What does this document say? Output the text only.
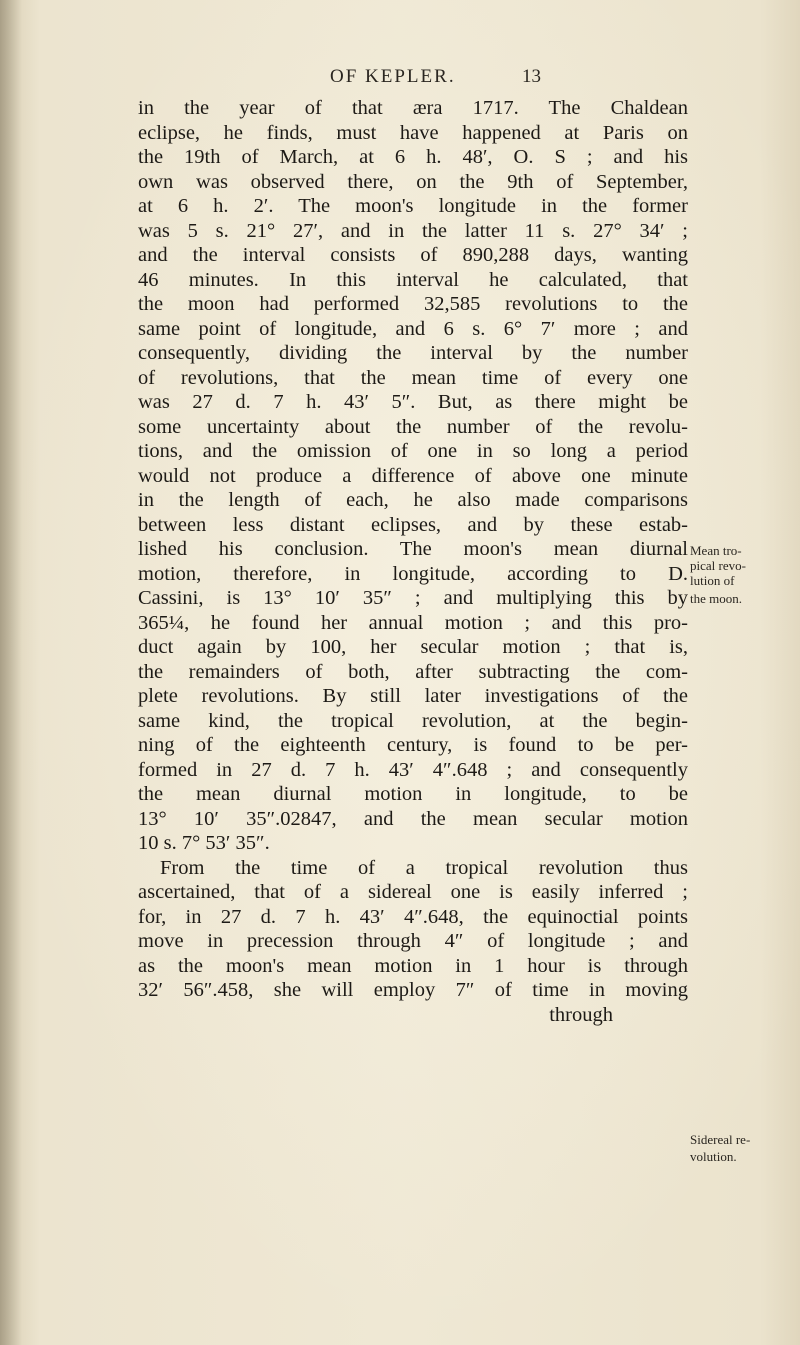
OF KEPLER.	13
in the year of that æra 1717. The Chaldean
eclipse, he finds, must have happened at Paris on
the 19th of March, at 6 h. 48′, O. S ; and his
own was observed there, on the 9th of September,
at 6 h. 2′. The moon's longitude in the former
was 5 s. 21° 27′, and in the latter 11 s. 27° 34′ ;
and the interval consists of 890,288 days, wanting
46 minutes. In this interval he calculated, that
the moon had performed 32,585 revolutions to the
same point of longitude, and 6 s. 6° 7′ more ; and
consequently, dividing the interval by the number
of revolutions, that the mean time of every one
was 27 d. 7 h. 43′ 5″. But, as there might be
some uncertainty about the number of the revolu-
tions, and the omission of one in so long a period
would not produce a difference of above one minute
in the length of each, he also made comparisons
between less distant eclipses, and by these estab-
lished his conclusion. The moon's mean diurnal
motion, therefore, in longitude, according to D.
Cassini, is 13° 10′ 35″ ; and multiplying this by
365¼, he found her annual motion ; and this pro-
duct again by 100, her secular motion ; that is,
the remainders of both, after subtracting the com-
plete revolutions. By still later investigations of the
same kind, the tropical revolution, at the begin-
ning of the eighteenth century, is found to be per-
formed in 27 d. 7 h. 43′ 4″.648 ; and consequently
the mean diurnal motion in longitude, to be
13° 10′ 35″.02847, and the mean secular motion
10 s. 7° 53′ 35″.
From the time of a tropical revolution thus
ascertained, that of a sidereal one is easily inferred ;
for, in 27 d. 7 h. 43′ 4″.648, the equinoctial points
move in precession through 4″ of longitude ; and
as the moon's mean motion in 1 hour is through
32′ 56″.458, she will employ 7″ of time in moving
through
Mean tro-
pical revo-
lution of
the moon.
Sidereal re-
volution.
